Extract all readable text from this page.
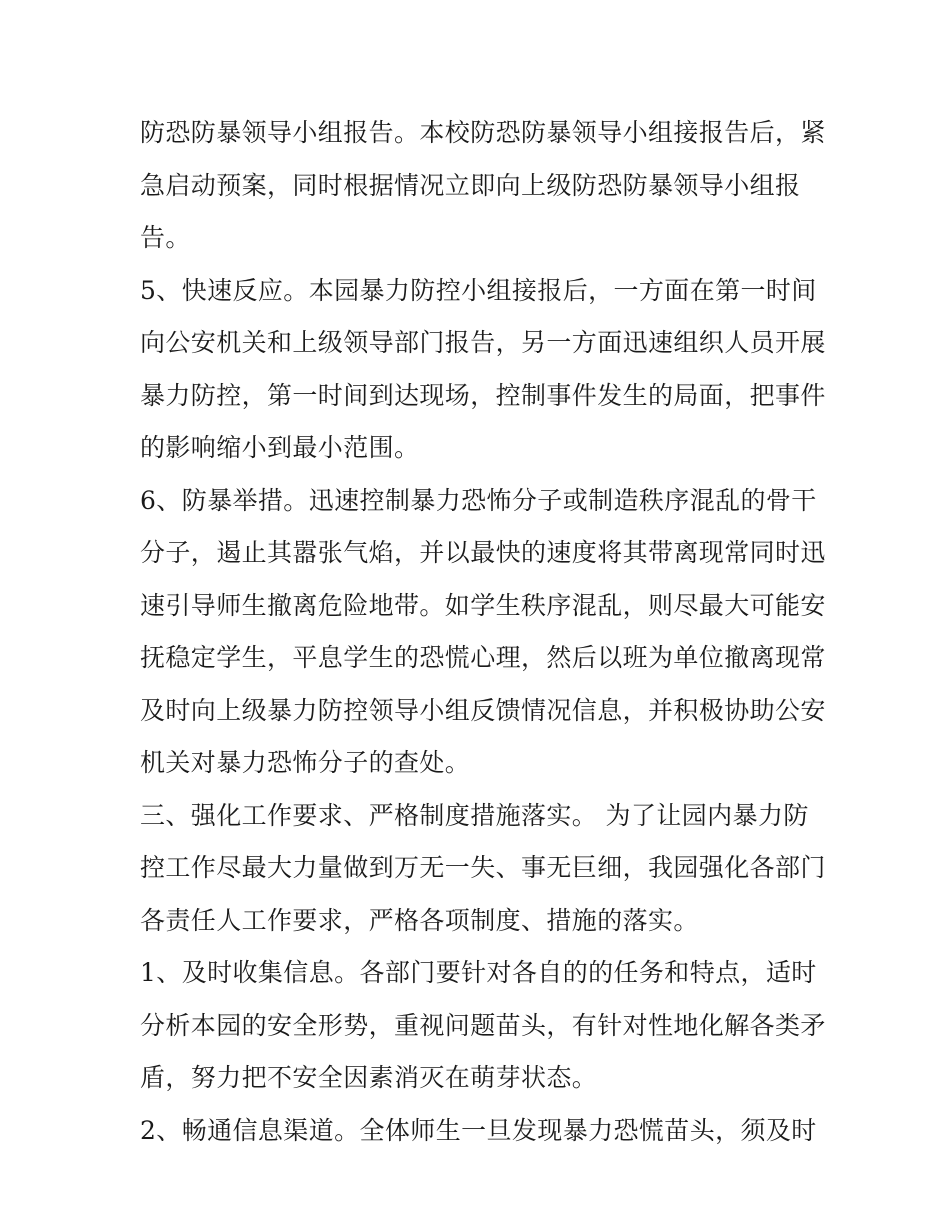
防恐防暴领导小组报告。本校防恐防暴领导小组接报告后，紧
急启动预案，同时根据情况立即向上级防恐防暴领导小组报
告。
5、快速反应。本园暴力防控小组接报后，一方面在第一时间
向公安机关和上级领导部门报告，另一方面迅速组织人员开展
暴力防控，第一时间到达现场，控制事件发生的局面，把事件
的影响缩小到最小范围。
6、防暴举措。迅速控制暴力恐怖分子或制造秩序混乱的骨干
分子，遏止其嚣张气焰，并以最快的速度将其带离现常同时迅
速引导师生撤离危险地带。如学生秩序混乱，则尽最大可能安
抚稳定学生，平息学生的恐慌心理，然后以班为单位撤离现常
及时向上级暴力防控领导小组反馈情况信息，并积极协助公安
机关对暴力恐怖分子的查处。
三、强化工作要求、严格制度措施落实。 为了让园内暴力防
控工作尽最大力量做到万无一失、事无巨细，我园强化各部门
各责任人工作要求，严格各项制度、措施的落实。
1、及时收集信息。各部门要针对各自的的任务和特点，适时
分析本园的安全形势，重视问题苗头，有针对性地化解各类矛
盾，努力把不安全因素消灭在萌芽状态。
2、畅通信息渠道。全体师生一旦发现暴力恐慌苗头，须及时
